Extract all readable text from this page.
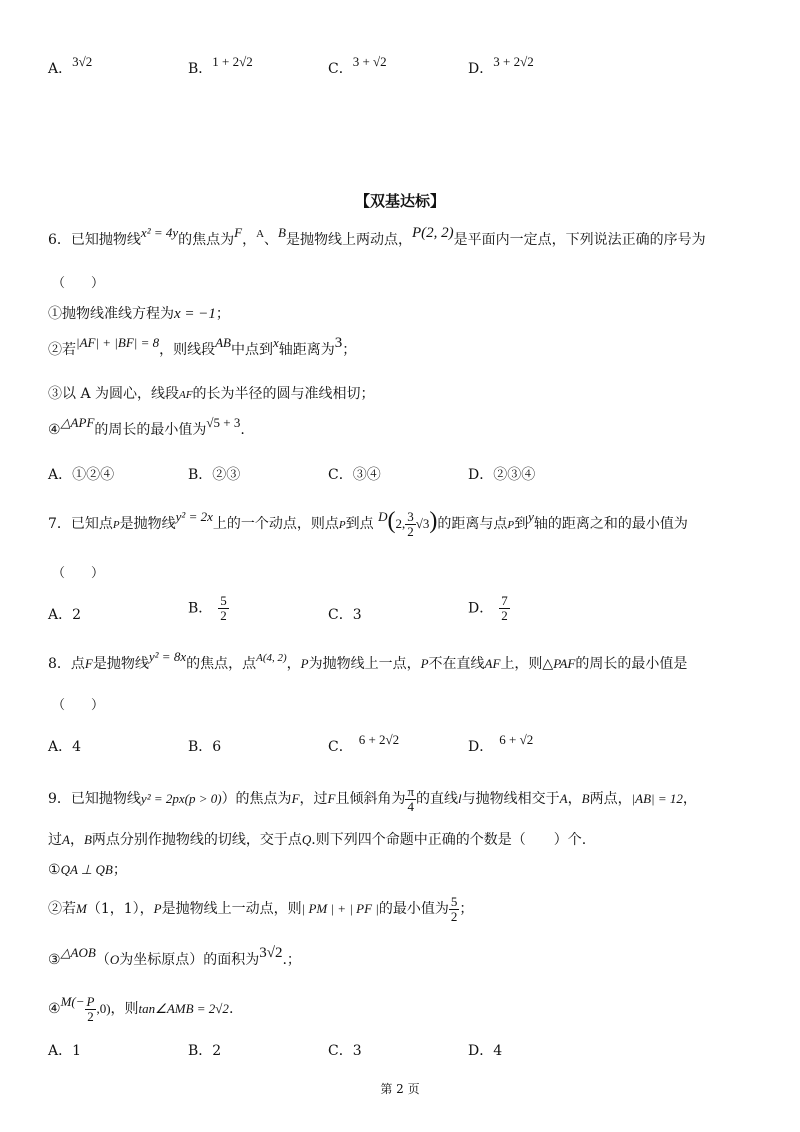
A．3√2	B．1 + 2√2	C．3 + √2	D．3 + 2√2
【双基达标】
6．已知抛物线x² = 4y的焦点为F，$^A$、B是抛物线上两动点，P(2, 2)是平面内一定点，下列说法正确的序号为
（　　）
①抛物线准线方程为x = −1；
②若|AF| + |BF| = 8，则线段AB中点到x轴距离为3；
③以 A 为圆心，线段AF的长为半径的圆与准线相切；
④△APF的周长的最小值为√5 + 3.
A．①②④	B．②③	C．③④	D．②③④
7．已知点P是抛物线y² = 2x上的一个动点，则点P到点 D(2, $\frac{3}{2} √3$)的距离与点P到y轴的距离之和的最小值为
（　　）
A．2	B． $\frac{5}{2}$	C．3	D． $\frac{7}{2}$
8．点F是抛物线y² = 8x的焦点，点$^{A(4, 2)}$，P为抛物线上一点，P不在直线AF上，则△PAF的周长的最小值是
（　　）
A．4	B．6	C． 6 + 2√2	D． 6 + √2
9．已知抛物线y² = 2px(p > 0)）的焦点为F，过F且倾斜角为 $\frac{\pi}{4}$ 的直线l与抛物线相交于A，B两点，|AB| = 12，
过A，B两点分别作抛物线的切线，交于点Q.则下列四个命题中正确的个数是（　　）个.
①QA ⊥ QB；
②若M（1，1），P是抛物线上一动点，则| PM | + | PF |的最小值为 $\frac{5}{2}$ ；
③△AOB（O为坐标原点）的面积为3√2.；
④M(− $\frac{P}{2} ,0$)，则tan∠AMB = 2√2.
A．1	B．2	C．3	D．4
第 2 页
